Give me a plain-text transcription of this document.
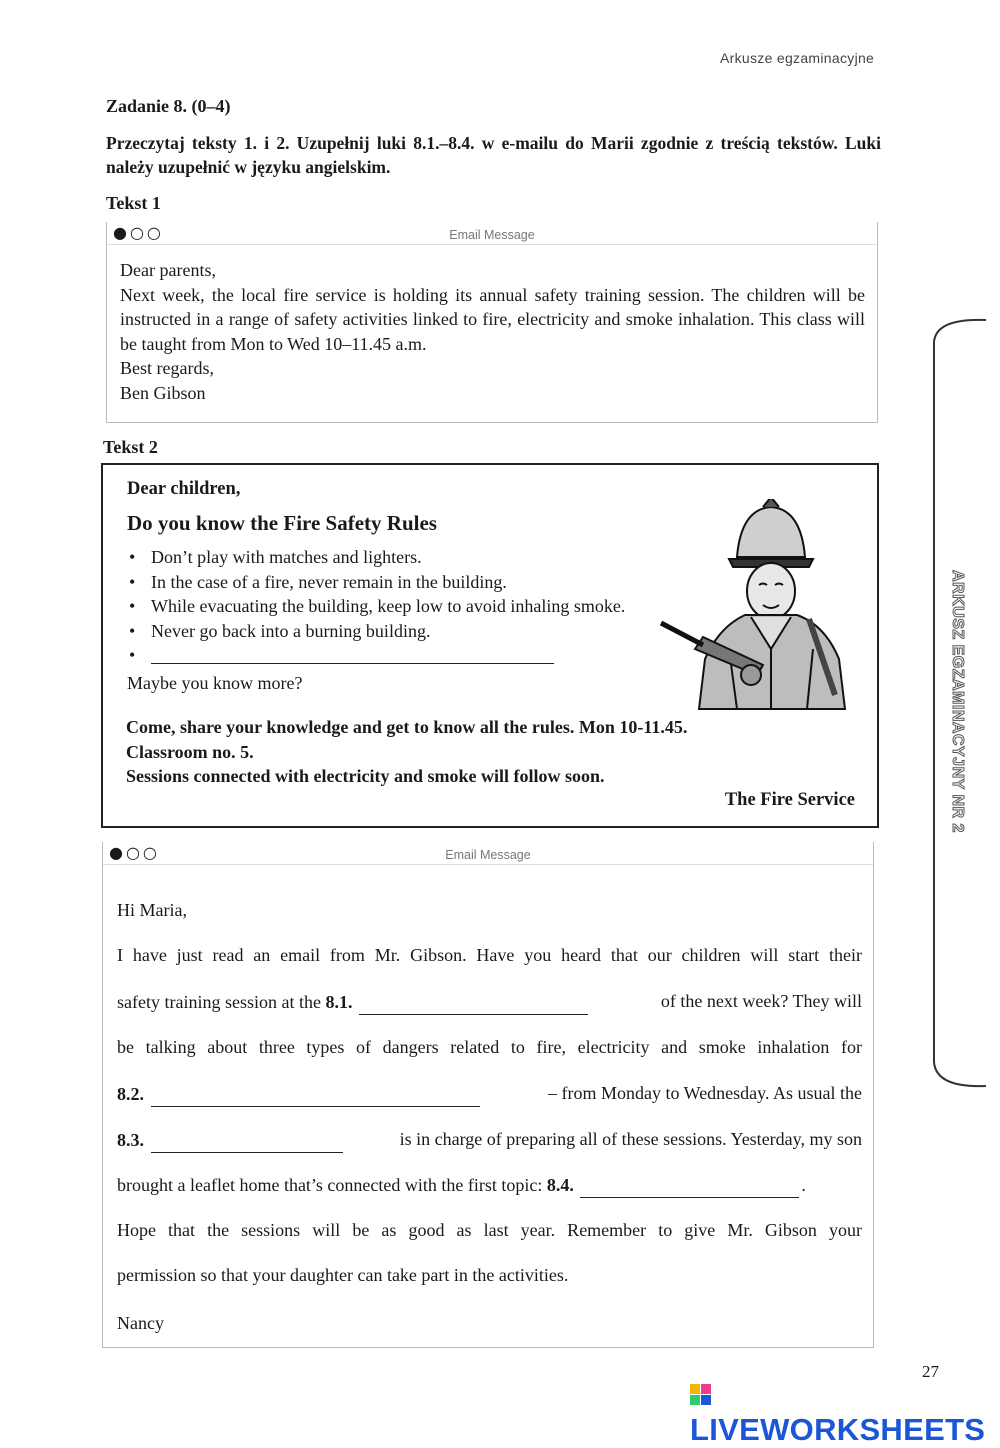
Arkusze egzaminacyjne
Zadanie 8. (0–4)
Przeczytaj teksty 1. i 2. Uzupełnij luki 8.1.–8.4. w e-mailu do Marii zgodnie z treścią tekstów. Luki należy uzupełnić w języku angielskim.
Tekst 1
●○○	Email Message
Dear parents,
Next week, the local fire service is holding its annual safety training session. The children will be instructed in a range of safety activities linked to fire, electricity and smoke inhalation. This class will be taught from Mon to Wed 10–11.45 a.m.
Best regards,
Ben Gibson
Tekst 2
Dear children,
Do you know the Fire Safety Rules
• Don’t play with matches and lighters.
• In the case of a fire, never remain in the building.
• While evacuating the building, keep low to avoid inhaling smoke.
• Never go back into a burning building.
•
Maybe you know more?
Come, share your knowledge and get to know all the rules. Mon 10-11.45.
Classroom no. 5.
Sessions connected with electricity and smoke will follow soon.
The Fire Service
●○○	Email Message
Hi Maria,
I have just read an email from Mr. Gibson. Have you heard that our children will start their
safety training session at the 8.1.	of the next week? They will
be talking about three types of dangers related to fire, electricity and smoke inhalation for
8.2.	– from Monday to Wednesday. As usual the
8.3.	is in charge of preparing all of these sessions. Yesterday, my son
brought a leaflet home that’s connected with the first topic: 8.4.	.
Hope that the sessions will be as good as last year. Remember to give Mr. Gibson your
permission so that your daughter can take part in the activities.
Nancy
ARKUSZ EGZAMINACYJNY NR 2
27
LIVEWORKSHEETS
